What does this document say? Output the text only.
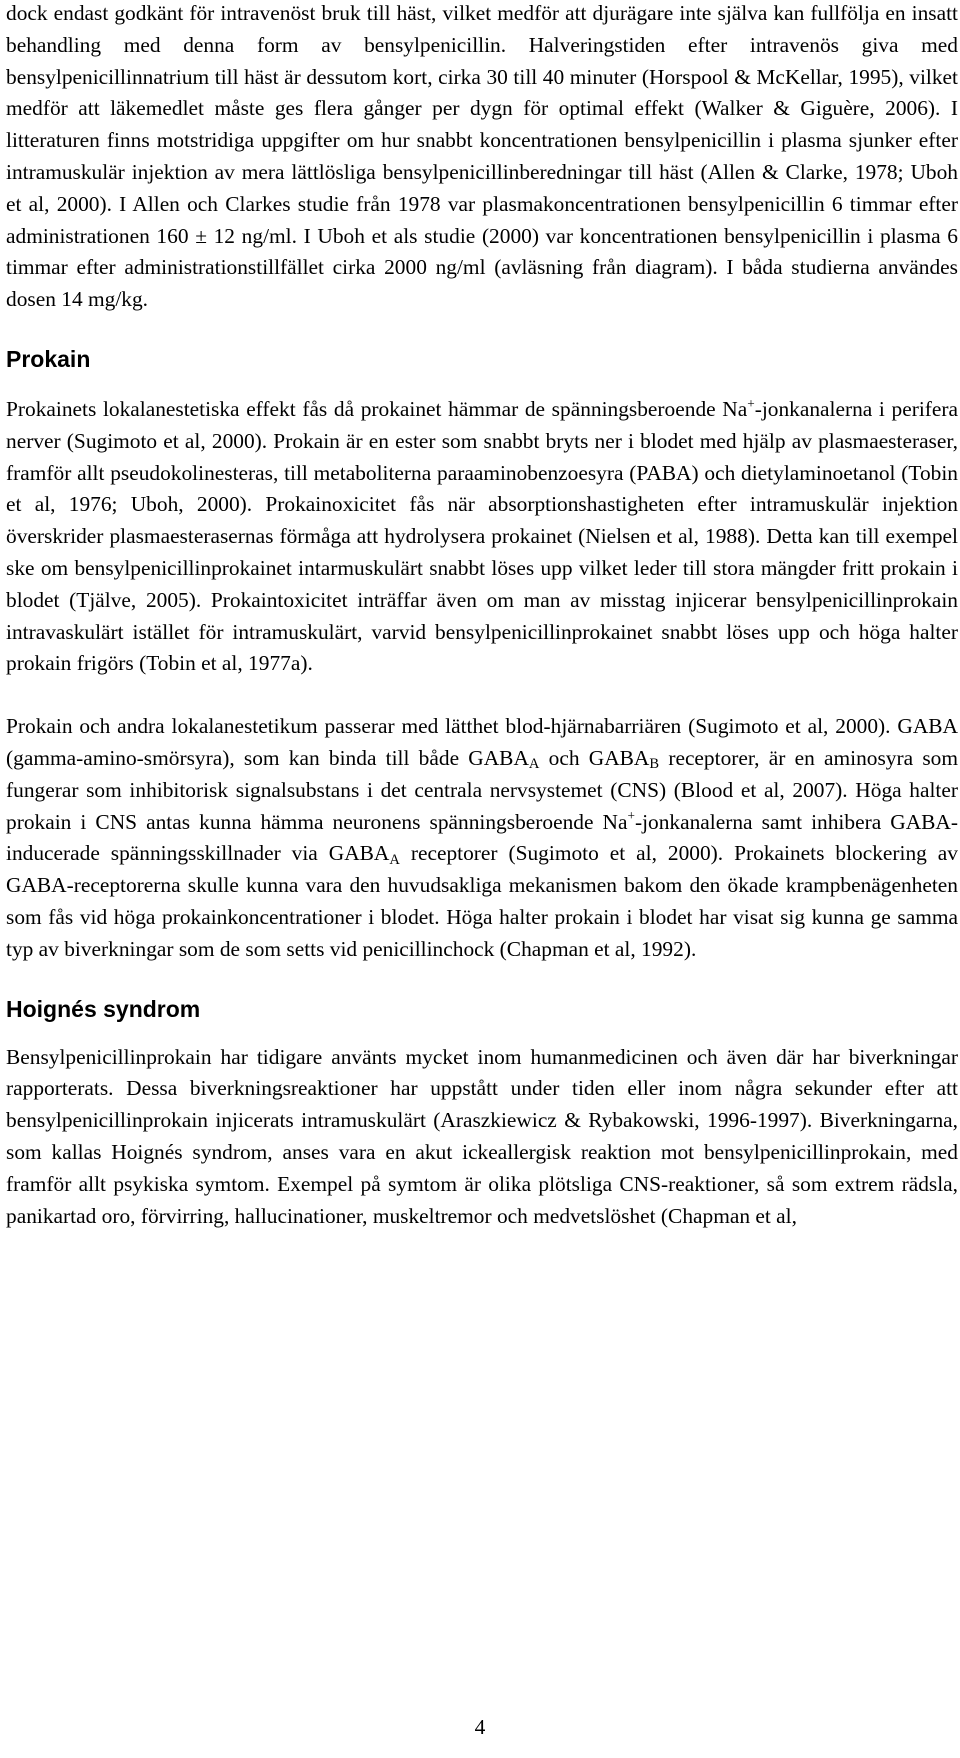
dock endast godkänt för intravenöst bruk till häst, vilket medför att djurägare inte själva kan fullfölja en insatt behandling med denna form av bensylpenicillin. Halveringstiden efter intravenös giva med bensylpenicillinnatrium till häst är dessutom kort, cirka 30 till 40 minuter (Horspool & McKellar, 1995), vilket medför att läkemedlet måste ges flera gånger per dygn för optimal effekt (Walker & Giguère, 2006). I litteraturen finns motstridiga uppgifter om hur snabbt koncentrationen bensylpenicillin i plasma sjunker efter intramuskulär injektion av mera lättlösliga bensylpenicillinberedningar till häst (Allen & Clarke, 1978; Uboh et al, 2000). I Allen och Clarkes studie från 1978 var plasmakoncentrationen bensylpenicillin 6 timmar efter administrationen 160 ± 12 ng/ml. I Uboh et als studie (2000) var koncentrationen bensylpenicillin i plasma 6 timmar efter administrationstillfället cirka 2000 ng/ml (avläsning från diagram). I båda studierna användes dosen 14 mg/kg.

Prokain

Prokainets lokalanestetiska effekt fås då prokainet hämmar de spänningsberoende Na+-jonkanalerna i perifera nerver (Sugimoto et al, 2000). Prokain är en ester som snabbt bryts ner i blodet med hjälp av plasmaesteraser, framför allt pseudokolinesteras, till metaboliterna paraaminobenzoesyra (PABA) och dietylaminoetanol (Tobin et al, 1976; Uboh, 2000). Prokainoxicitet fås när absorptionshastigheten efter intramuskulär injektion överskrider plasmaesterasernas förmåga att hydrolysera prokainet (Nielsen et al, 1988). Detta kan till exempel ske om bensylpenicillinprokainet intarmuskulärt snabbt löses upp vilket leder till stora mängder fritt prokain i blodet (Tjälve, 2005). Prokaintoxicitet inträffar även om man av misstag injicerar bensylpenicillinprokain intravaskulärt istället för intramuskulärt, varvid bensylpenicillinprokainet snabbt löses upp och höga halter prokain frigörs (Tobin et al, 1977a).

Prokain och andra lokalanestetikum passerar med lätthet blod-hjärnabarriären (Sugimoto et al, 2000). GABA (gamma-amino-smörsyra), som kan binda till både $GABA_A$ och $GABA_B$ receptorer, är en aminosyra som fungerar som inhibitorisk signalsubstans i det centrala nervsystemet (CNS) (Blood et al, 2007). Höga halter prokain i CNS antas kunna hämma neuronens spänningsberoende Na+-jonkanalerna samt inhibera GABA-inducerade spänningsskillnader via $GABA_A$ receptorer (Sugimoto et al, 2000). Prokainets blockering av GABA-receptorerna skulle kunna vara den huvudsakliga mekanismen bakom den ökade krampbenägenheten som fås vid höga prokainkoncentrationer i blodet. Höga halter prokain i blodet har visat sig kunna ge samma typ av biverkningar som de som setts vid penicillinchock (Chapman et al, 1992).

Hoignés syndrom

Bensylpenicillinprokain har tidigare använts mycket inom humanmedicinen och även där har biverkningar rapporterats. Dessa biverkningsreaktioner har uppstått under tiden eller inom några sekunder efter att bensylpenicillinprokain injicerats intramuskulärt (Araszkiewicz & Rybakowski, 1996-1997). Biverkningarna, som kallas Hoignés syndrom, anses vara en akut ickeallergisk reaktion mot bensylpenicillinprokain, med framför allt psykiska symtom. Exempel på symtom är olika plötsliga CNS-reaktioner, så som extrem rädsla, panikartad oro, förvirring, hallucinationer, muskeltremor och medvetslöshet (Chapman et al,

4
